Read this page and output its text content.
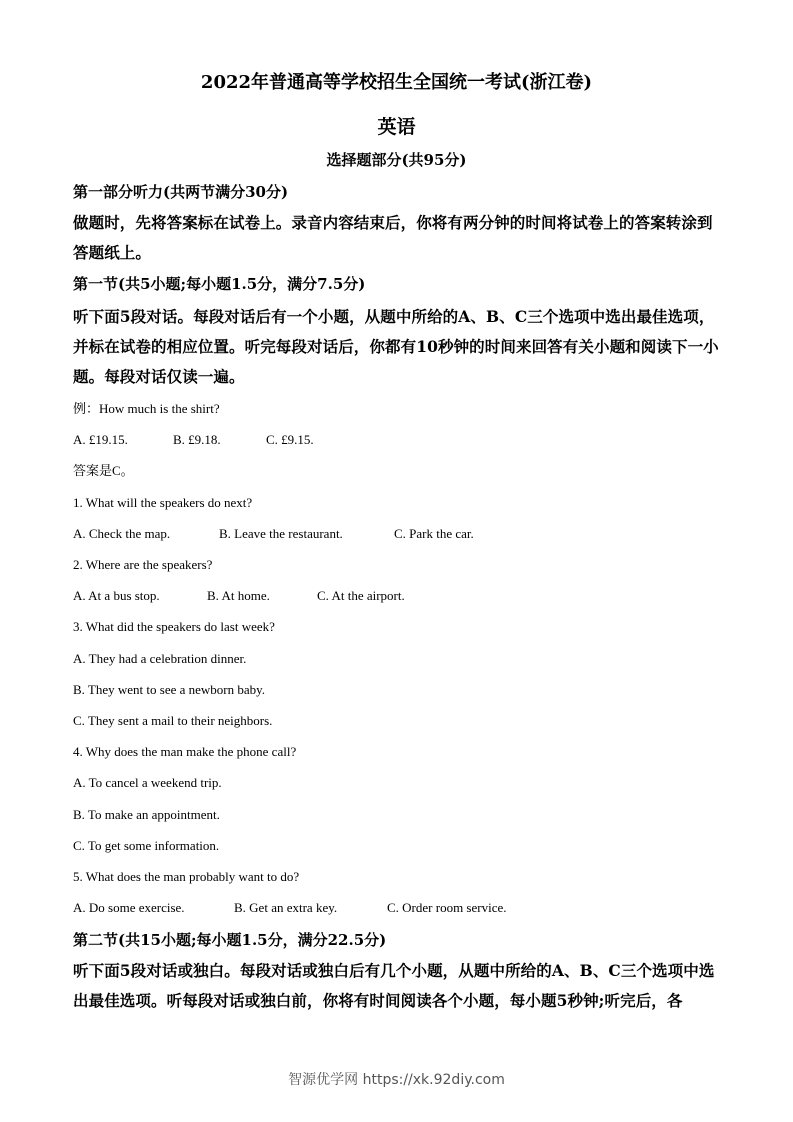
2022年普通高等学校招生全国统一考试(浙江卷)
英语
选择题部分(共95分)
第一部分听力(共两节满分30分)
做题时，先将答案标在试卷上。录音内容结束后，你将有两分钟的时间将试卷上的答案转涂到答题纸上。
第一节(共5小题;每小题1.5分，满分7.5分)
听下面5段对话。每段对话后有一个小题，从题中所给的A、B、C三个选项中选出最佳选项，并标在试卷的相应位置。听完每段对话后，你都有10秒钟的时间来回答有关小题和阅读下一小题。每段对话仅读一遍。
例：How much is the shirt?
A. £19.15.	B. £9.18.	C. £9.15.
答案是C。
1. What will the speakers do next?
A. Check the map.	B. Leave the restaurant.	C. Park the car.
2. Where are the speakers?
A. At a bus stop.	B. At home.	C. At the airport.
3. What did the speakers do last week?
A. They had a celebration dinner.
B. They went to see a newborn baby.
C. They sent a mail to their neighbors.
4. Why does the man make the phone call?
A. To cancel a weekend trip.
B. To make an appointment.
C. To get some information.
5. What does the man probably want to do?
A. Do some exercise.	B. Get an extra key.	C. Order room service.
第二节(共15小题;每小题1.5分，满分22.5分)
听下面5段对话或独白。每段对话或独白后有几个小题，从题中所给的A、B、C三个选项中选出最佳选项。听每段对话或独白前，你将有时间阅读各个小题，每小题5秒钟;听完后，各
智源优学网 https://xk.92diy.com
